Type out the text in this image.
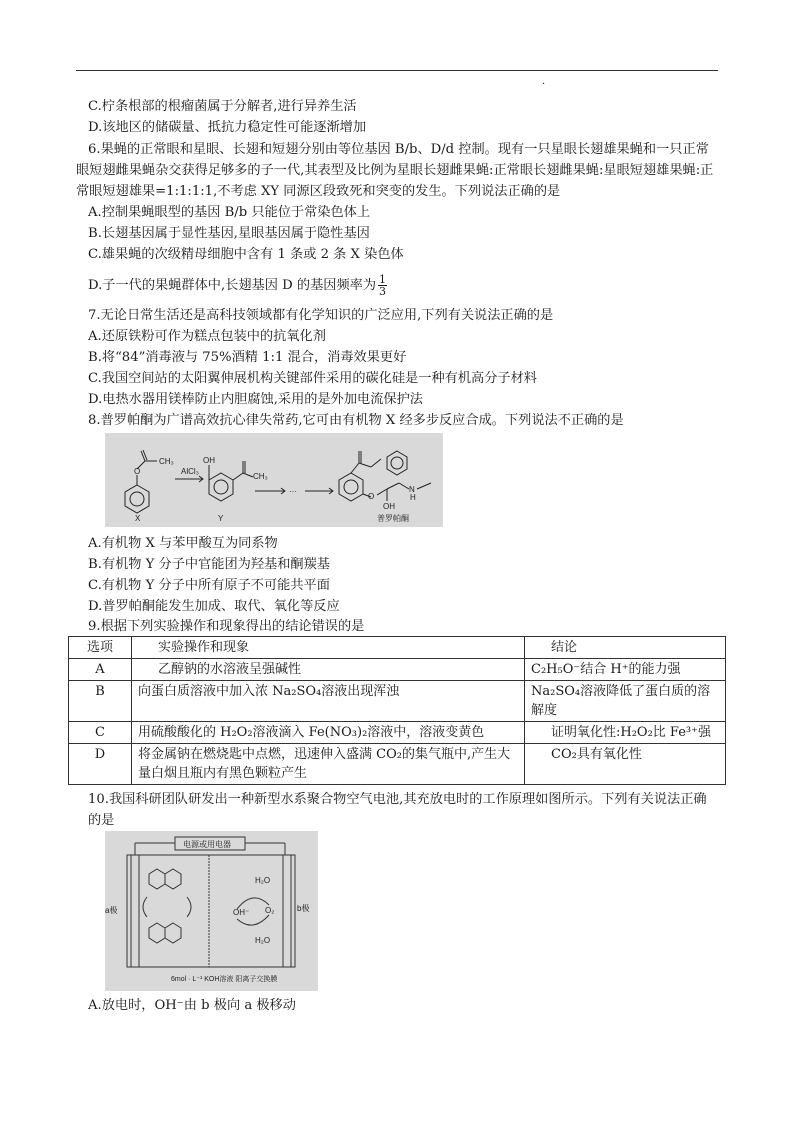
.
C.柠条根部的根瘤菌属于分解者,进行异养生活
D.该地区的储碳量、抵抗力稳定性可能逐渐增加
6.果蝇的正常眼和星眼、长翅和短翅分别由等位基因 B/b、D/d 控制。现有一只星眼长翅雄果蝇和一只正常眼短翅雌果蝇杂交获得足够多的子一代,其表型及比例为星眼长翅雌果蝇:正常眼长翅雌果蝇:星眼短翅雄果蝇:正常眼短翅雄果=1:1:1:1,不考虑 XY 同源区段致死和突变的发生。下列说法正确的是
A.控制果蝇眼型的基因 B/b 只能位于常染色体上
B.长翅基因属于显性基因,星眼基因属于隐性基因
C.雄果蝇的次级精母细胞中含有 1 条或 2 条 X 染色体
D.子一代的果蝇群体中,长翅基因 D 的基因频率为 $\frac{1}{3}$
7.无论日常生活还是高科技领域都有化学知识的广泛应用,下列有关说法正确的是
A.还原铁粉可作为糕点包装中的抗氧化剂
B.将“84”消毒液与 75%酒精 1:1 混合，消毒效果更好
C.我国空间站的太阳翼伸展机构关键部件采用的碳化硅是一种有机高分子材料
D.电热水器用镁棒防止内胆腐蚀,采用的是外加电流保护法
8.普罗帕酮为广谱高效抗心律失常药,它可由有机物 X 经多步反应合成。下列说法不正确的是
CH₃
O
X
AlCl₃
OH
CH₃
Y
···
O
OH
N
H
普罗帕酮
A.有机物 X 与苯甲酸互为同系物
B.有机物 Y 分子中官能团为羟基和酮羰基
C.有机物 Y 分子中所有原子不可能共平面
D.普罗帕酮能发生加成、取代、氧化等反应
9.根据下列实验操作和现象得出的结论错误的是
选项	实验操作和现象	结论
A	乙醇钠的水溶液呈强碱性	C₂H₅O⁻结合 H⁺的能力强
B	向蛋白质溶液中加入浓 Na₂SO₄溶液出现浑浊	Na₂SO₄溶液降低了蛋白质的溶解度
C	用硫酸酸化的 H₂O₂溶液滴入 Fe(NO₃)₂溶液中，溶液变黄色	证明氧化性:H₂O₂比 Fe³⁺强
D	将金属钠在燃烧匙中点燃，迅速伸入盛满 CO₂的集气瓶中,产生大量白烟且瓶内有黑色颗粒产生	CO₂具有氧化性
10.我国科研团队研发出一种新型水系聚合物空气电池,其充放电时的工作原理如图所示。下列有关说法正确的是
电源或用电器
a极	b极
OH⁻
H₂O
O₂
H₂O
6mol · L⁻¹ KOH溶液 阳离子交换膜
A.放电时，OH⁻由 b 极向 a 极移动
